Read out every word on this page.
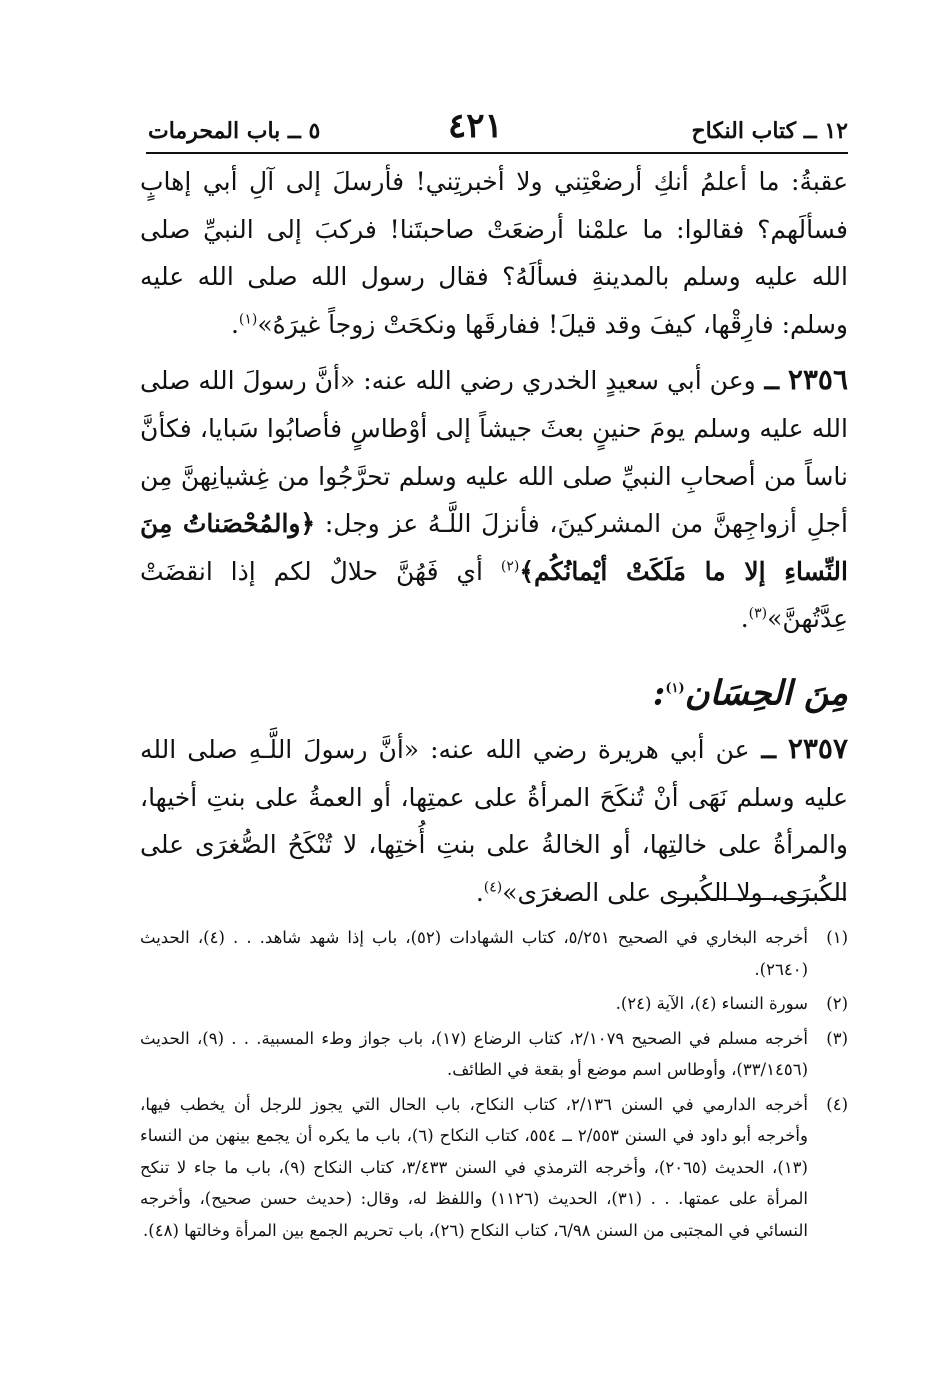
١٢ ــ كتاب النكاح
٤٢١
٥ ــ باب المحرمات

عقبةُ: ما أعلمُ أنكِ أرضعْتِني ولا أخبرتِني! فأرسلَ إلى آلِ أبي إهابٍ فسألَهم؟ فقالوا: ما علمْنا أرضعَتْ صاحبتَنا! فركبَ إلى النبيِّ صلى الله عليه وسلم بالمدينةِ فسألَهُ؟ فقال رسول الله صلى الله عليه وسلم: فارِقْها، كيفَ وقد قيلَ! ففارقَها ونكحَتْ زوجاً غيرَهُ»$^{(١)}$.

٢٣٥٦ ــ وعن أبي سعيدٍ الخدري رضي الله عنه: «أنَّ رسولَ الله صلى الله عليه وسلم يومَ حنينٍ بعثَ جيشاً إلى أوْطاسٍ فأصابُوا سَبايا، فكأنَّ ناساً من أصحابِ النبيِّ صلى الله عليه وسلم تحرَّجُوا من غِشيانِهنَّ مِن أجلِ أزواجِهنَّ من المشركينَ، فأنزلَ اللَّـهُ عز وجل: ﴿والمُحْصَناتُ مِنَ النِّساءِ إلا ما مَلَكَتْ أيْمانُكُم﴾$^{(٢)}$ أي فَهُنَّ حلالٌ لكم إذا انقضَتْ عِدَّتُهنَّ»$^{(٣)}$.

مِنَ الحِسَان$^{(١)}$:

٢٣٥٧ ــ عن أبي هريرة رضي الله عنه: «أنَّ رسولَ اللَّـهِ صلى الله عليه وسلم نَهَى أنْ تُنكَحَ المرأةُ على عمتِها، أو العمةُ على بنتِ أخيها، والمرأةُ على خالتِها، أو الخالةُ على بنتِ أُختِها، لا تُنْكَحُ الصُّغرَى على الكُبرَى، ولا الكُبرى على الصغرَى»$^{(٤)}$.

(١)
أخرجه البخاري في الصحيح ٥/٢٥١، كتاب الشهادات (٥٢)، باب إذا شهد شاهد. . . (٤)، الحديث (٢٦٤٠).

(٢)
سورة النساء (٤)، الآية (٢٤).

(٣)
أخرجه مسلم في الصحيح ٢/١٠٧٩، كتاب الرضاع (١٧)، باب جواز وطء المسبية. . . (٩)، الحديث (٣٣/١٤٥٦)، وأوطاس اسم موضع أو بقعة في الطائف.

(٤)
أخرجه الدارمي في السنن ٢/١٣٦، كتاب النكاح، باب الحال التي يجوز للرجل أن يخطب فيها، وأخرجه أبو داود في السنن ٢/٥٥٣ ــ ٥٥٤، كتاب النكاح (٦)، باب ما يكره أن يجمع بينهن من النساء (١٣)، الحديث (٢٠٦٥)، وأخرجه الترمذي في السنن ٣/٤٣٣، كتاب النكاح (٩)، باب ما جاء لا تنكح المرأة على عمتها. . . (٣١)، الحديث (١١٢٦) واللفظ له، وقال: (حديث حسن صحيح)، وأخرجه النسائي في المجتبى من السنن ٦/٩٨، كتاب النكاح (٢٦)، باب تحريم الجمع بين المرأة وخالتها (٤٨).
